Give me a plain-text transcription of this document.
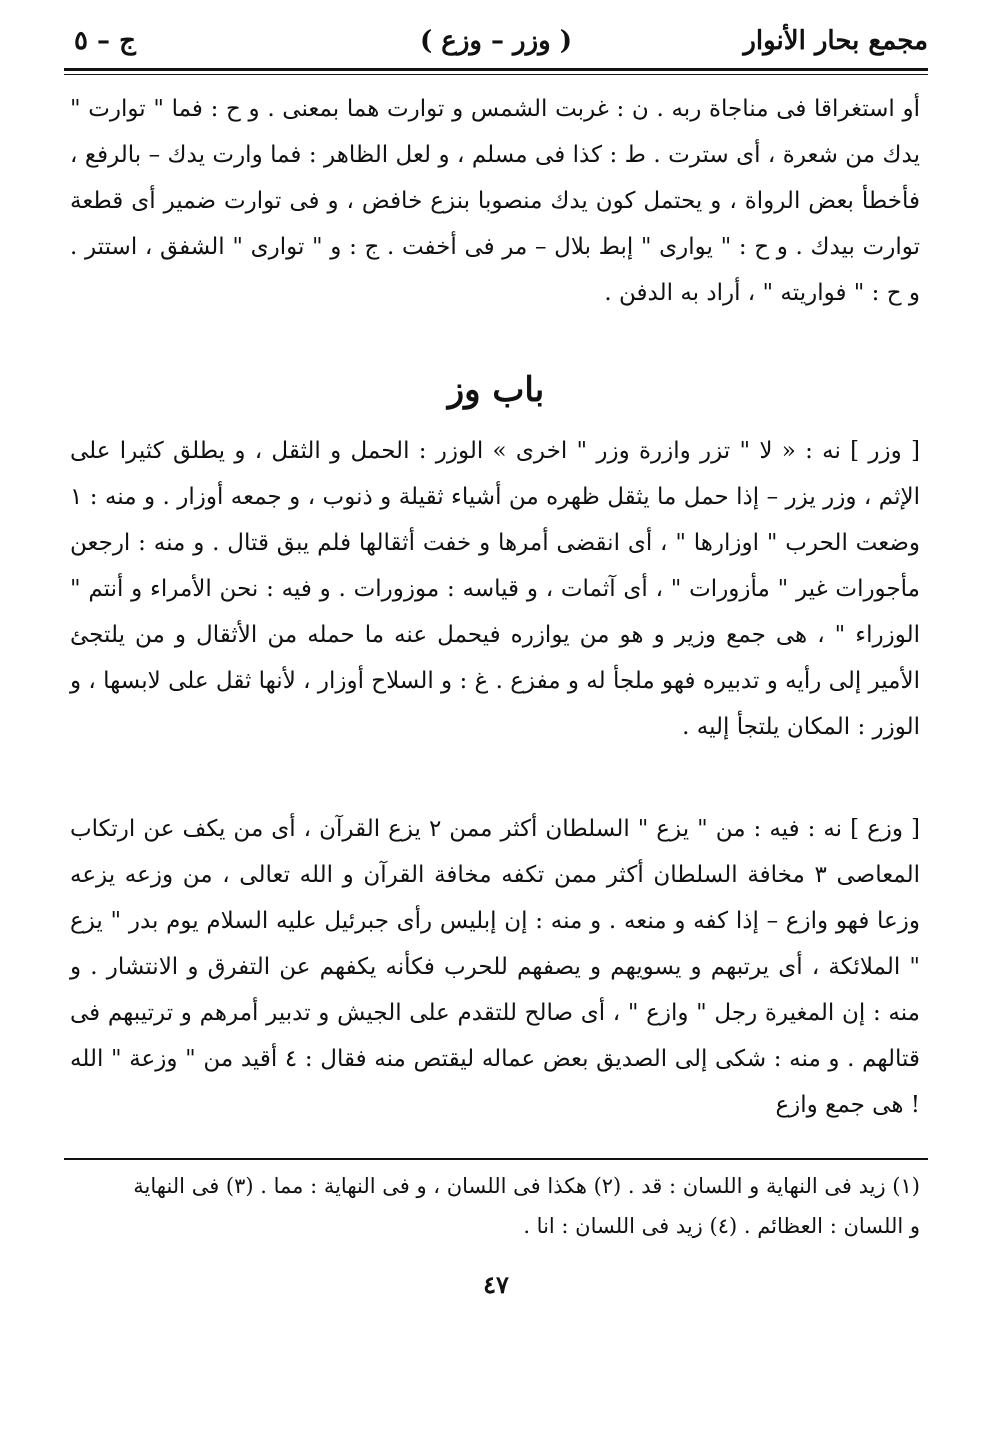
مجمع بحار الأنوار
( وزر – وزع )
ج – ٥

أو استغراقا فى مناجاة ربه . ن : غربت الشمس و توارت هما بمعنى . و ح : فما " توارت " يدك من شعرة ، أى سترت . ط : كذا فى مسلم ، و لعل الظاهر : فما وارت يدك – بالرفع ، فأخطأ بعض الرواة ، و يحتمل كون يدك منصوبا بنزع خافض ، و فى توارت ضمير أى قطعة توارت بيدك . و ح : " يوارى " إبط بلال – مر فى أخفت . ج : و " توارى " الشفق ، استتر . و ح : " فواريته " ، أراد به الدفن .

باب وز

[ وزر ] نه : « لا " تزر وازرة وزر " اخرى » الوزر : الحمل و الثقل ، و يطلق كثيرا على الإثم ، وزر يزر – إذا حمل ما يثقل ظهره من أشياء ثقيلة و ذنوب ، و جمعه أوزار . و منه : ١ وضعت الحرب " اوزارها " ، أى انقضى أمرها و خفت أثقالها فلم يبق قتال . و منه : ارجعن مأجورات غير " مأزورات " ، أى آثمات ، و قياسه : موزورات . و فيه : نحن الأمراء و أنتم " الوزراء " ، هى جمع وزير و هو من يوازره فيحمل عنه ما حمله من الأثقال و من يلتجئ الأمير إلى رأيه و تدبيره فهو ملجأ له و مفزع . غ : و السلاح أوزار ، لأنها ثقل على لابسها ، و الوزر : المكان يلتجأ إليه .

[ وزع ] نه : فيه : من " يزع " السلطان أكثر ممن ٢ يزع القرآن ، أى من يكف عن ارتكاب المعاصى ٣ مخافة السلطان أكثر ممن تكفه مخافة القرآن و الله تعالى ، من وزعه يزعه وزعا فهو وازع – إذا كفه و منعه . و منه : إن إبليس رأى جبرئيل عليه السلام يوم بدر " يزع " الملائكة ، أى يرتبهم و يسويهم و يصفهم للحرب فكأنه يكفهم عن التفرق و الانتشار . و منه : إن المغيرة رجل " وازع " ، أى صالح للتقدم على الجيش و تدبير أمرهم و ترتيبهم فى قتالهم . و منه : شكى إلى الصديق بعض عماله ليقتص منه فقال : ٤ أقيد من " وزعة " الله ! هى جمع وازع

(١) زيد فى النهاية و اللسان : قد . (٢) هكذا فى اللسان ، و فى النهاية : مما . (٣) فى النهاية

و اللسان : العظائم . (٤) زيد فى اللسان : انا .

٤٧
